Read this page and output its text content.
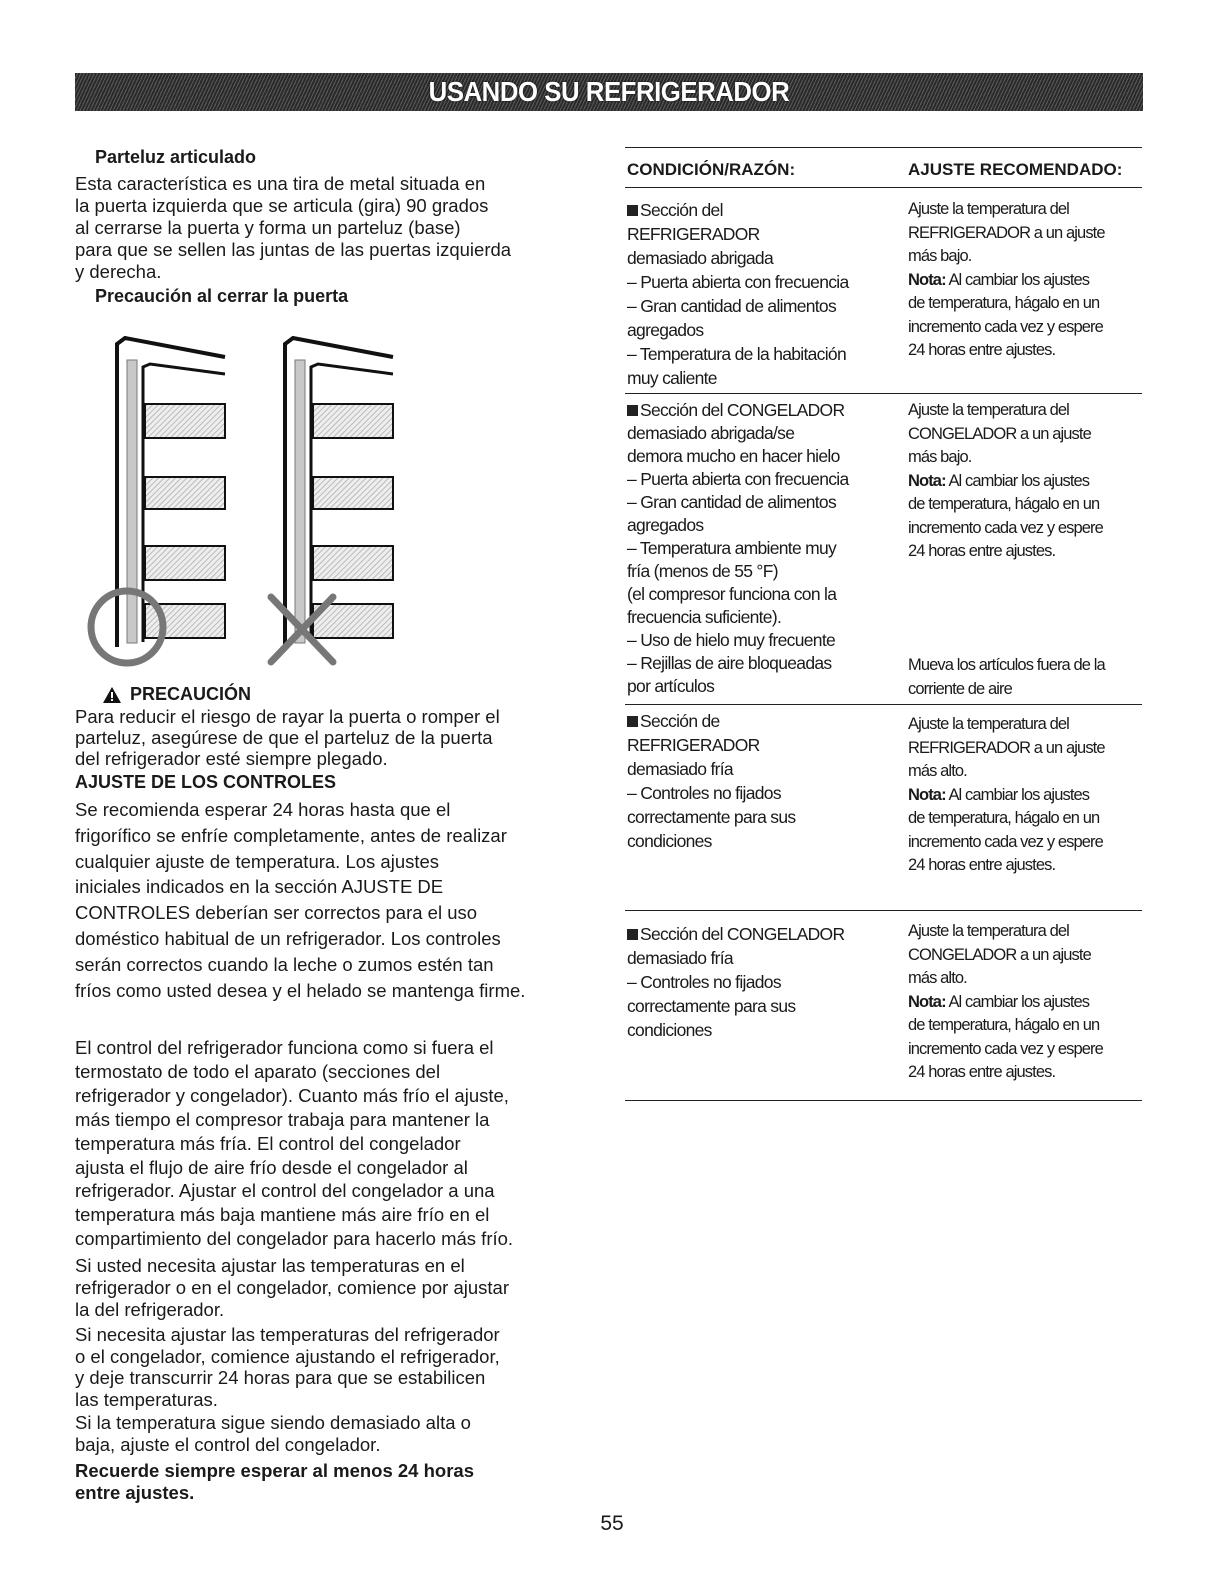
USANDO SU REFRIGERADOR
Parteluz articulado
Esta característica es una tira de metal situada en
la puerta izquierda que se articula (gira) 90 grados
al cerrarse la puerta y forma un parteluz (base)
para que se sellen las juntas de las puertas izquierda
y derecha.
Precaución al cerrar la puerta
PRECAUCIÓN
Para reducir el riesgo de rayar la puerta o romper el
parteluz, asegúrese de que el parteluz de la puerta
del refrigerador esté siempre plegado.
AJUSTE DE LOS CONTROLES
Se recomienda esperar 24 horas hasta que el
frigorífico se enfríe completamente, antes de realizar
cualquier ajuste de temperatura. Los ajustes
iniciales indicados en la sección AJUSTE DE
CONTROLES deberían ser correctos para el uso
doméstico habitual de un refrigerador. Los controles
serán correctos cuando la leche o zumos estén tan
fríos como usted desea y el helado se mantenga firme.
El control del refrigerador funciona como si fuera el
termostato de todo el aparato (secciones del
refrigerador y congelador). Cuanto más frío el ajuste,
más tiempo el compresor trabaja para mantener la
temperatura más fría. El control del congelador
ajusta el flujo de aire frío desde el congelador al
refrigerador. Ajustar el control del congelador a una
temperatura más baja mantiene más aire frío en el
compartimiento del congelador para hacerlo más frío.
Si usted necesita ajustar las temperaturas en el
refrigerador o en el congelador, comience por ajustar
la del refrigerador.
Si necesita ajustar las temperaturas del refrigerador
o el congelador, comience ajustando el refrigerador,
y deje transcurrir 24 horas para que se estabilicen
las temperaturas.
Si la temperatura sigue siendo demasiado alta o
baja, ajuste el control del congelador.
Recuerde siempre esperar al menos 24 horas
entre ajustes.
CONDICIÓN/RAZÓN:	AJUSTE RECOMENDADO:
Sección del
REFRIGERADOR
demasiado abrigada
– Puerta abierta con frecuencia
– Gran cantidad de alimentos
agregados
– Temperatura de la habitación
muy caliente
Ajuste la temperatura del
REFRIGERADOR a un ajuste
más bajo.
Nota: Al cambiar los ajustes
de temperatura, hágalo en un
incremento cada vez y espere
24 horas entre ajustes.
Sección del CONGELADOR
demasiado abrigada/se
demora mucho en hacer hielo
– Puerta abierta con frecuencia
– Gran cantidad de alimentos
agregados
– Temperatura ambiente muy
fría (menos de 55 °F)
(el compresor funciona con la
frecuencia suficiente).
– Uso de hielo muy frecuente
– Rejillas de aire bloqueadas
por artículos
Ajuste la temperatura del
CONGELADOR a un ajuste
más bajo.
Nota: Al cambiar los ajustes
de temperatura, hágalo en un
incremento cada vez y espere
24 horas entre ajustes.
Mueva los artículos fuera de la
corriente de aire
Sección de
REFRIGERADOR
demasiado fría
– Controles no fijados
correctamente para sus
condiciones
Ajuste la temperatura del
REFRIGERADOR a un ajuste
más alto.
Nota: Al cambiar los ajustes
de temperatura, hágalo en un
incremento cada vez y espere
24 horas entre ajustes.
Sección del CONGELADOR
demasiado fría
– Controles no fijados
correctamente para sus
condiciones
Ajuste la temperatura del
CONGELADOR a un ajuste
más alto.
Nota: Al cambiar los ajustes
de temperatura, hágalo en un
incremento cada vez y espere
24 horas entre ajustes.
55
